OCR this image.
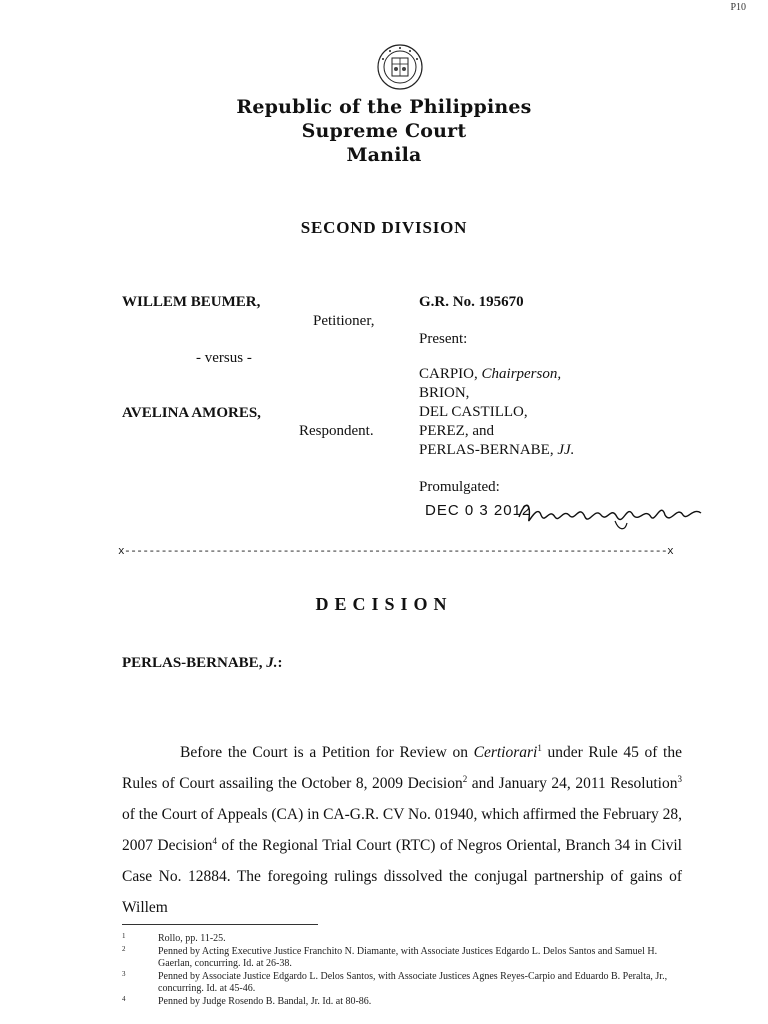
P10
Republic of the Philippines
Supreme Court
Manila
SECOND DIVISION
WILLEM BEUMER,
Petitioner,
- versus -
AVELINA AMORES,
Respondent.
G.R. No. 195670
Present:
CARPIO, Chairperson,
BRION,
DEL CASTILLO,
PEREZ, and
PERLAS-BERNABE, JJ.
Promulgated:
DEC 0 3 2012
x-----------------------------------------------------------------------------------------x
DECISION
PERLAS-BERNABE, J.:

Before the Court is a Petition for Review on Certiorari$^1$ under Rule 45 of the Rules of Court assailing the October 8, 2009 Decision$^2$ and January 24, 2011 Resolution$^3$ of the Court of Appeals (CA) in CA-G.R. CV No. 01940, which affirmed the February 28, 2007 Decision$^4$ of the Regional Trial Court (RTC) of Negros Oriental, Branch 34 in Civil Case No. 12884. The foregoing rulings dissolved the conjugal partnership of gains of Willem

1	Rollo, pp. 11-25.
2	Penned by Acting Executive Justice Franchito N. Diamante, with Associate Justices Edgardo L. Delos Santos and Samuel H. Gaerlan, concurring. Id. at 26-38.
3	Penned by Associate Justice Edgardo L. Delos Santos, with Associate Justices Agnes Reyes-Carpio and Eduardo B. Peralta, Jr., concurring. Id. at 45-46.
4	Penned by Judge Rosendo B. Bandal, Jr. Id. at 80-86.
